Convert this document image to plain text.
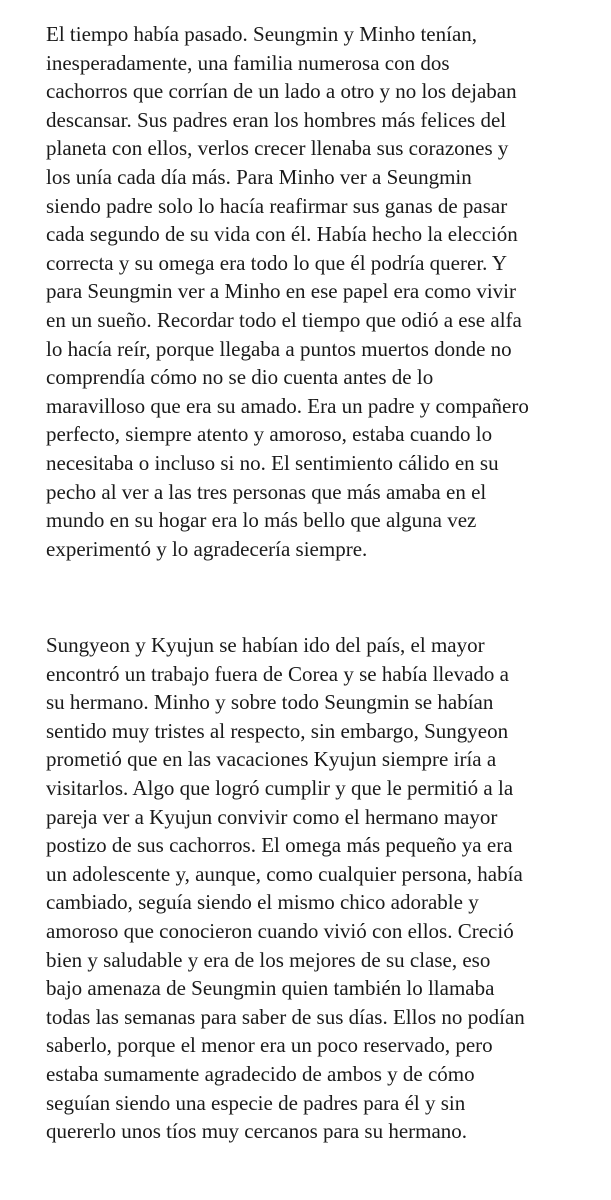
El tiempo había pasado. Seungmin y Minho tenían,
inesperadamente, una familia numerosa con dos
cachorros que corrían de un lado a otro y no los dejaban
descansar. Sus padres eran los hombres más felices del
planeta con ellos, verlos crecer llenaba sus corazones y
los unía cada día más. Para Minho ver a Seungmin
siendo padre solo lo hacía reafirmar sus ganas de pasar
cada segundo de su vida con él. Había hecho la elección
correcta y su omega era todo lo que él podría querer. Y
para Seungmin ver a Minho en ese papel era como vivir
en un sueño. Recordar todo el tiempo que odió a ese alfa
lo hacía reír, porque llegaba a puntos muertos donde no
comprendía cómo no se dio cuenta antes de lo
maravilloso que era su amado. Era un padre y compañero
perfecto, siempre atento y amoroso, estaba cuando lo
necesitaba o incluso si no. El sentimiento cálido en su
pecho al ver a las tres personas que más amaba en el
mundo en su hogar era lo más bello que alguna vez
experimentó y lo agradecería siempre.
Sungyeon y Kyujun se habían ido del país, el mayor
encontró un trabajo fuera de Corea y se había llevado a
su hermano. Minho y sobre todo Seungmin se habían
sentido muy tristes al respecto, sin embargo, Sungyeon
prometió que en las vacaciones Kyujun siempre iría a
visitarlos. Algo que logró cumplir y que le permitió a la
pareja ver a Kyujun convivir como el hermano mayor
postizo de sus cachorros. El omega más pequeño ya era
un adolescente y, aunque, como cualquier persona, había
cambiado, seguía siendo el mismo chico adorable y
amoroso que conocieron cuando vivió con ellos. Creció
bien y saludable y era de los mejores de su clase, eso
bajo amenaza de Seungmin quien también lo llamaba
todas las semanas para saber de sus días. Ellos no podían
saberlo, porque el menor era un poco reservado, pero
estaba sumamente agradecido de ambos y de cómo
seguían siendo una especie de padres para él y sin
quererlo unos tíos muy cercanos para su hermano.
